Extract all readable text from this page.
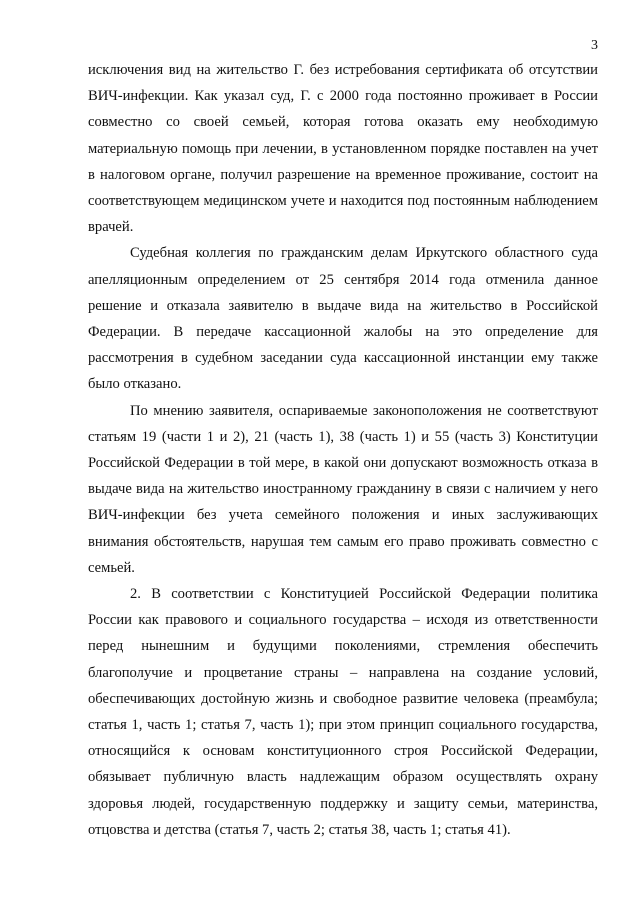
3

исключения вид на жительство Г. без истребования сертификата об отсутствии ВИЧ-инфекции. Как указал суд, Г. с 2000 года постоянно проживает в России совместно со своей семьей, которая готова оказать ему необходимую материальную помощь при лечении, в установленном порядке поставлен на учет в налоговом органе, получил разрешение на временное проживание, состоит на соответствующем медицинском учете и находится под постоянным наблюдением врачей.

Судебная коллегия по гражданским делам Иркутского областного суда апелляционным определением от 25 сентября 2014 года отменила данное решение и отказала заявителю в выдаче вида на жительство в Российской Федерации. В передаче кассационной жалобы на это определение для рассмотрения в судебном заседании суда кассационной инстанции ему также было отказано.

По мнению заявителя, оспариваемые законоположения не соответствуют статьям 19 (части 1 и 2), 21 (часть 1), 38 (часть 1) и 55 (часть 3) Конституции Российской Федерации в той мере, в какой они допускают возможность отказа в выдаче вида на жительство иностранному гражданину в связи с наличием у него ВИЧ-инфекции без учета семейного положения и иных заслуживающих внимания обстоятельств, нарушая тем самым его право проживать совместно с семьей.

2. В соответствии с Конституцией Российской Федерации политика России как правового и социального государства – исходя из ответственности перед нынешним и будущими поколениями, стремления обеспечить благополучие и процветание страны – направлена на создание условий, обеспечивающих достойную жизнь и свободное развитие человека (преамбула; статья 1, часть 1; статья 7, часть 1); при этом принцип социального государства, относящийся к основам конституционного строя Российской Федерации, обязывает публичную власть надлежащим образом осуществлять охрану здоровья людей, государственную поддержку и защиту семьи, материнства, отцовства и детства (статья 7, часть 2; статья 38, часть 1; статья 41).
